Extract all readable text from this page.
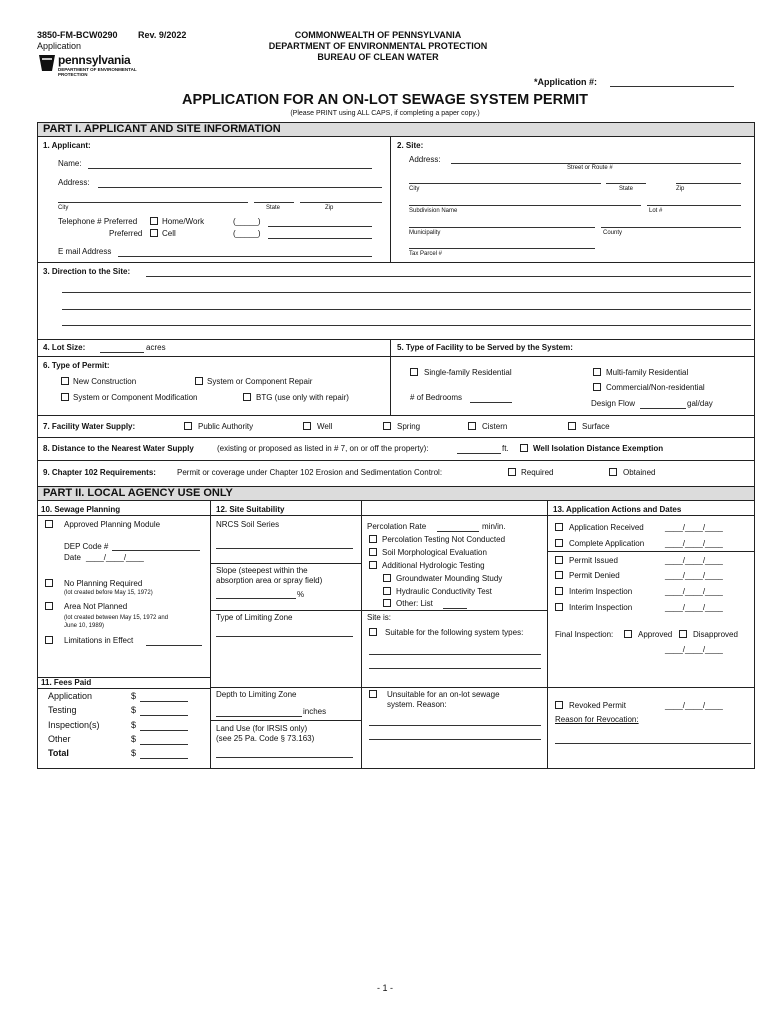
3850-FM-BCW0290 Rev. 9/2022
Application
pennsylvania
DEPARTMENT OF ENVIRONMENTAL
PROTECTION
COMMONWEALTH OF PENNSYLVANIA
DEPARTMENT OF ENVIRONMENTAL PROTECTION
BUREAU OF CLEAN WATER
*Application #:
APPLICATION FOR AN ON-LOT SEWAGE SYSTEM PERMIT
(Please PRINT using ALL CAPS, if completing a paper copy.)
PART I. APPLICANT AND SITE INFORMATION
1. Applicant:
Name:
Address:
City	State	Zip
Telephone # Preferred	Home/Work	(_____)
Preferred Cell	(_____)
E mail Address
2. Site:
Address:
Street or Route #
City	State	Zip
Subdivision Name	Lot #
Municipality	County
Tax Parcel #
3. Direction to the Site:
4. Lot Size:	acres	5. Type of Facility to be Served by the System:
6. Type of Permit:
New Construction	System or Component Repair
System or Component Modification	BTG (use only with repair)
Single-family Residential	Multi-family Residential
Commercial/Non-residential
# of Bedrooms
Design Flow	gal/day
7. Facility Water Supply:	Public Authority	Well	Spring	Cistern	Surface
8. Distance to the Nearest Water Supply	(existing or proposed as listed in # 7, on or off the property):	ft.	Well Isolation Distance Exemption
9. Chapter 102 Requirements:	Permit or coverage under Chapter 102 Erosion and Sedimentation Control:	Required	Obtained
PART II. LOCAL AGENCY USE ONLY
10. Sewage Planning
Approved Planning Module
DEP Code #
Date ____/____/____
No Planning Required
(lot created before May 15, 1972)
Area Not Planned
(lot created between May 15, 1972 and
June 10, 1989)
Limitations in Effect
11. Fees Paid
Application	$
Testing	$
Inspection(s)	$
Other	$
Total	$
12. Site Suitability
NRCS Soil Series
Slope (steepest within the
absorption area or spray field)
%
Type of Limiting Zone
Depth to Limiting Zone
inches
Land Use (for IRSIS only)
(see 25 Pa. Code § 73.163)
Percolation Rate	min/in.
Percolation Testing Not Conducted
Soil Morphological Evaluation
Additional Hydrologic Testing
Groundwater Mounding Study
Hydraulic Conductivity Test
Other: List
Site is:
Suitable for the following system types:
Unsuitable for an on-lot sewage
system. Reason:
13. Application Actions and Dates
Application Received	____/____/____
Complete Application	____/____/____
Permit Issued	____/____/____
Permit Denied	____/____/____
Interim Inspection	____/____/____
Interim Inspection	____/____/____
Final Inspection:	Approved	Disapproved
____/____/____
Revoked Permit	____/____/____
Reason for Revocation:
- 1 -
